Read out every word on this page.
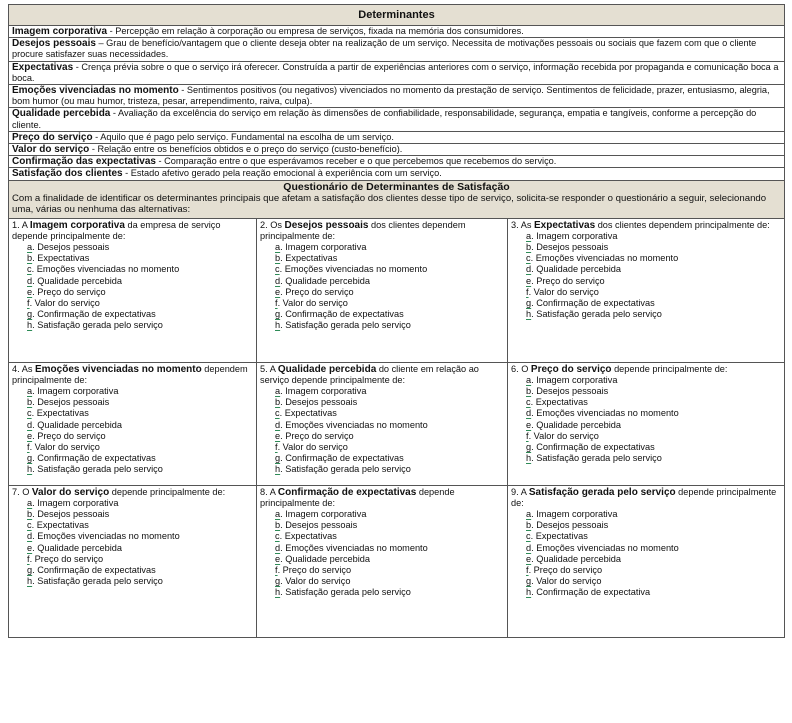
Determinantes
Imagem corporativa - Percepção em relação à corporação ou empresa de serviços, fixada na memória dos consumidores.
Desejos pessoais – Grau de benefício/vantagem que o cliente deseja obter na realização de um serviço. Necessita de motivações pessoais ou sociais que fazem com que o cliente procure satisfazer suas necessidades.
Expectativas - Crença prévia sobre o que o serviço irá oferecer. Construída a partir de experiências anteriores com o serviço, informação recebida por propaganda e comunicação boca a boca.
Emoções vivenciadas no momento - Sentimentos positivos (ou negativos) vivenciados no momento da prestação de serviço. Sentimentos de felicidade, prazer, entusiasmo, alegria, bom humor (ou mau humor, tristeza, pesar, arrependimento, raiva, culpa).
Qualidade percebida - Avaliação da excelência do serviço em relação às dimensões de confiabilidade, responsabilidade, segurança, empatia e tangíveis, conforme a percepção do cliente.
Preço do serviço - Aquilo que é pago pelo serviço. Fundamental na escolha de um serviço.
Valor do serviço - Relação entre os benefícios obtidos e o preço do serviço (custo-benefício).
Confirmação das expectativas - Comparação entre o que esperávamos receber e o que percebemos que recebemos do serviço.
Satisfação dos clientes - Estado afetivo gerado pela reação emocional à experiência com um serviço.
Questionário de Determinantes de Satisfação
Com a finalidade de identificar os determinantes principais que afetam a satisfação dos clientes desse tipo de serviço, solicita-se responder o questionário a seguir, selecionando uma, várias ou nenhuma das alternativas:
1. A Imagem corporativa da empresa de serviço depende principalmente de:
a. Desejos pessoais
b. Expectativas
c. Emoções vivenciadas no momento
d. Qualidade percebida
e. Preço do serviço
f. Valor do serviço
g. Confirmação de expectativas
h. Satisfação gerada pelo serviço
2. Os Desejos pessoais dos clientes dependem principalmente de:
a. Imagem corporativa
b. Expectativas
c. Emoções vivenciadas no momento
d. Qualidade percebida
e. Preço do serviço
f. Valor do serviço
g. Confirmação de expectativas
h. Satisfação gerada pelo serviço
3. As Expectativas dos clientes dependem principalmente de:
a. Imagem corporativa
b. Desejos pessoais
c. Emoções vivenciadas no momento
d. Qualidade percebida
e. Preço do serviço
f. Valor do serviço
g. Confirmação de expectativas
h. Satisfação gerada pelo serviço
4. As Emoções vivenciadas no momento dependem principalmente de:
a. Imagem corporativa
b. Desejos pessoais
c. Expectativas
d. Qualidade percebida
e. Preço do serviço
f. Valor do serviço
g. Confirmação de expectativas
h. Satisfação gerada pelo serviço
5. A Qualidade percebida do cliente em relação ao serviço depende principalmente de:
a. Imagem corporativa
b. Desejos pessoais
c. Expectativas
d. Emoções vivenciadas no momento
e. Preço do serviço
f. Valor do serviço
g. Confirmação de expectativas
h. Satisfação gerada pelo serviço
6. O Preço do serviço depende principalmente de:
a. Imagem corporativa
b. Desejos pessoais
c. Expectativas
d. Emoções vivenciadas no momento
e. Qualidade percebida
f. Valor do serviço
g. Confirmação de expectativas
h. Satisfação gerada pelo serviço
7. O Valor do serviço depende principalmente de:
a. Imagem corporativa
b. Desejos pessoais
c. Expectativas
d. Emoções vivenciadas no momento
e. Qualidade percebida
f. Preço do serviço
g. Confirmação de expectativas
h. Satisfação gerada pelo serviço
8. A Confirmação de expectativas depende principalmente de:
a. Imagem corporativa
b. Desejos pessoais
c. Expectativas
d. Emoções vivenciadas no momento
e. Qualidade percebida
f. Preço do serviço
g. Valor do serviço
h. Satisfação gerada pelo serviço
9. A Satisfação gerada pelo serviço depende principalmente de:
a. Imagem corporativa
b. Desejos pessoais
c. Expectativas
d. Emoções vivenciadas no momento
e. Qualidade percebida
f. Preço do serviço
g. Valor do serviço
h. Confirmação de expectativa
